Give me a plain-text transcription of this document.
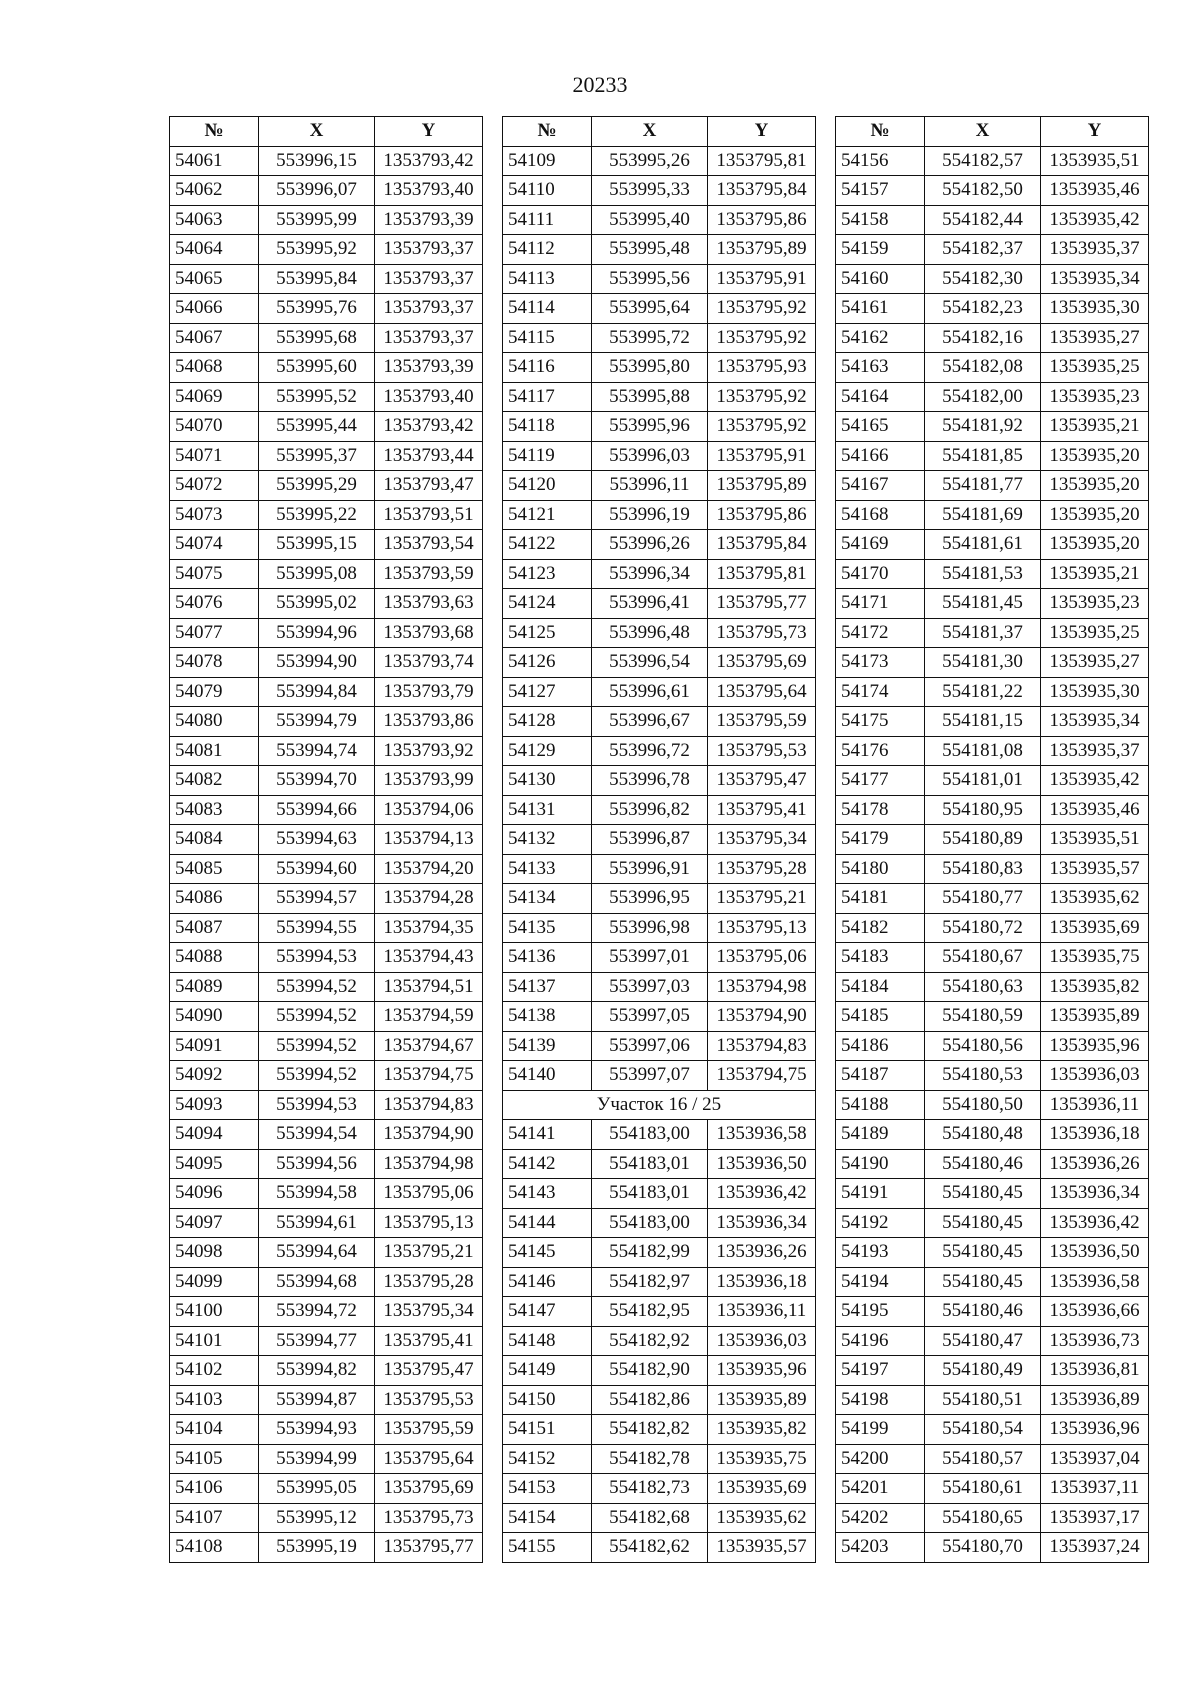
20233
№	X	Y
54061	553996,15	1353793,42
54062	553996,07	1353793,40
54063	553995,99	1353793,39
54064	553995,92	1353793,37
54065	553995,84	1353793,37
54066	553995,76	1353793,37
54067	553995,68	1353793,37
54068	553995,60	1353793,39
54069	553995,52	1353793,40
54070	553995,44	1353793,42
54071	553995,37	1353793,44
54072	553995,29	1353793,47
54073	553995,22	1353793,51
54074	553995,15	1353793,54
54075	553995,08	1353793,59
54076	553995,02	1353793,63
54077	553994,96	1353793,68
54078	553994,90	1353793,74
54079	553994,84	1353793,79
54080	553994,79	1353793,86
54081	553994,74	1353793,92
54082	553994,70	1353793,99
54083	553994,66	1353794,06
54084	553994,63	1353794,13
54085	553994,60	1353794,20
54086	553994,57	1353794,28
54087	553994,55	1353794,35
54088	553994,53	1353794,43
54089	553994,52	1353794,51
54090	553994,52	1353794,59
54091	553994,52	1353794,67
54092	553994,52	1353794,75
54093	553994,53	1353794,83
54094	553994,54	1353794,90
54095	553994,56	1353794,98
54096	553994,58	1353795,06
54097	553994,61	1353795,13
54098	553994,64	1353795,21
54099	553994,68	1353795,28
54100	553994,72	1353795,34
54101	553994,77	1353795,41
54102	553994,82	1353795,47
54103	553994,87	1353795,53
54104	553994,93	1353795,59
54105	553994,99	1353795,64
54106	553995,05	1353795,69
54107	553995,12	1353795,73
54108	553995,19	1353795,77
№	X	Y
54109	553995,26	1353795,81
54110	553995,33	1353795,84
54111	553995,40	1353795,86
54112	553995,48	1353795,89
54113	553995,56	1353795,91
54114	553995,64	1353795,92
54115	553995,72	1353795,92
54116	553995,80	1353795,93
54117	553995,88	1353795,92
54118	553995,96	1353795,92
54119	553996,03	1353795,91
54120	553996,11	1353795,89
54121	553996,19	1353795,86
54122	553996,26	1353795,84
54123	553996,34	1353795,81
54124	553996,41	1353795,77
54125	553996,48	1353795,73
54126	553996,54	1353795,69
54127	553996,61	1353795,64
54128	553996,67	1353795,59
54129	553996,72	1353795,53
54130	553996,78	1353795,47
54131	553996,82	1353795,41
54132	553996,87	1353795,34
54133	553996,91	1353795,28
54134	553996,95	1353795,21
54135	553996,98	1353795,13
54136	553997,01	1353795,06
54137	553997,03	1353794,98
54138	553997,05	1353794,90
54139	553997,06	1353794,83
54140	553997,07	1353794,75
Участок 16 / 25		
54141	554183,00	1353936,58
54142	554183,01	1353936,50
54143	554183,01	1353936,42
54144	554183,00	1353936,34
54145	554182,99	1353936,26
54146	554182,97	1353936,18
54147	554182,95	1353936,11
54148	554182,92	1353936,03
54149	554182,90	1353935,96
54150	554182,86	1353935,89
54151	554182,82	1353935,82
54152	554182,78	1353935,75
54153	554182,73	1353935,69
54154	554182,68	1353935,62
54155	554182,62	1353935,57
№	X	Y
54156	554182,57	1353935,51
54157	554182,50	1353935,46
54158	554182,44	1353935,42
54159	554182,37	1353935,37
54160	554182,30	1353935,34
54161	554182,23	1353935,30
54162	554182,16	1353935,27
54163	554182,08	1353935,25
54164	554182,00	1353935,23
54165	554181,92	1353935,21
54166	554181,85	1353935,20
54167	554181,77	1353935,20
54168	554181,69	1353935,20
54169	554181,61	1353935,20
54170	554181,53	1353935,21
54171	554181,45	1353935,23
54172	554181,37	1353935,25
54173	554181,30	1353935,27
54174	554181,22	1353935,30
54175	554181,15	1353935,34
54176	554181,08	1353935,37
54177	554181,01	1353935,42
54178	554180,95	1353935,46
54179	554180,89	1353935,51
54180	554180,83	1353935,57
54181	554180,77	1353935,62
54182	554180,72	1353935,69
54183	554180,67	1353935,75
54184	554180,63	1353935,82
54185	554180,59	1353935,89
54186	554180,56	1353935,96
54187	554180,53	1353936,03
54188	554180,50	1353936,11
54189	554180,48	1353936,18
54190	554180,46	1353936,26
54191	554180,45	1353936,34
54192	554180,45	1353936,42
54193	554180,45	1353936,50
54194	554180,45	1353936,58
54195	554180,46	1353936,66
54196	554180,47	1353936,73
54197	554180,49	1353936,81
54198	554180,51	1353936,89
54199	554180,54	1353936,96
54200	554180,57	1353937,04
54201	554180,61	1353937,11
54202	554180,65	1353937,17
54203	554180,70	1353937,24
